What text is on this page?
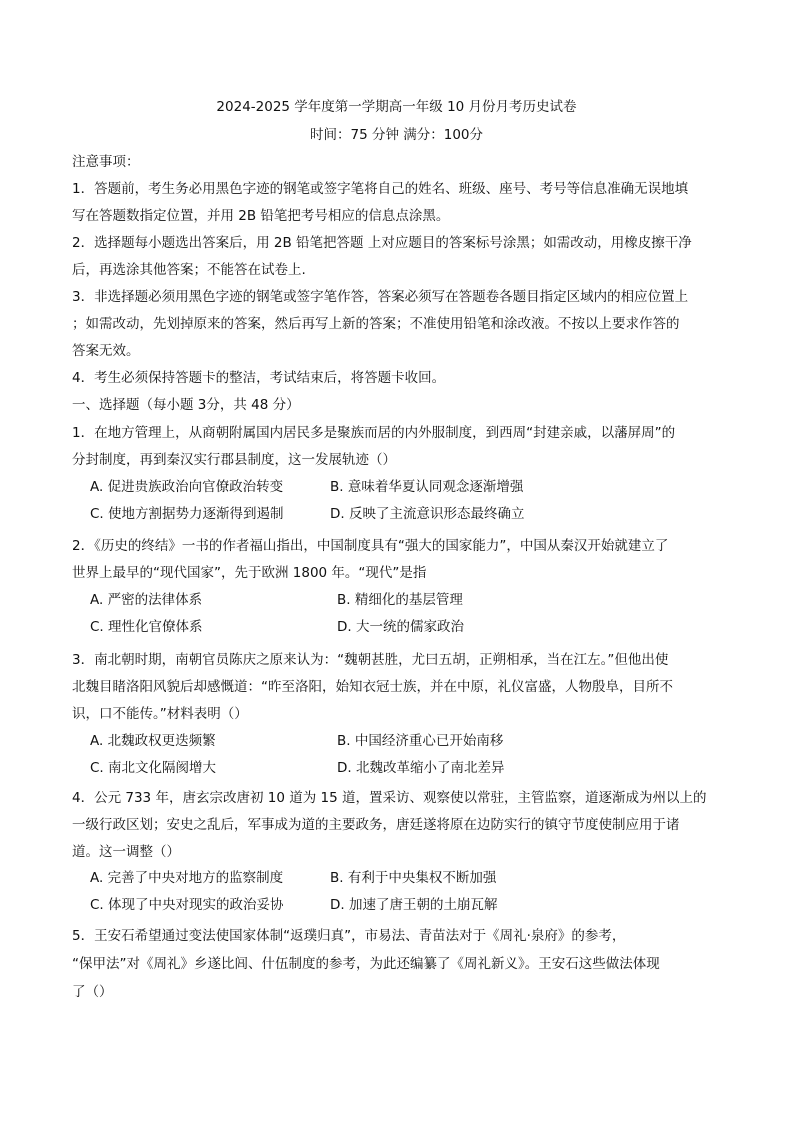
2024-2025 学年度第一学期高一年级 10 月份月考历史试卷
时间：75 分钟 满分：100分
注意事项：
1．答题前，考生务必用黑色字迹的钢笔或签字笔将自己的姓名、班级、座号、考号等信息准确无误地填
写在答题数指定位置，并用 2B 铅笔把考号相应的信息点涂黑。
2．选择题每小题选出答案后，用 2B 铅笔把答题 上对应题目的答案标号涂黑；如需改动，用橡皮擦干净
后，再选涂其他答案；不能答在试卷上.
3．非选择题必须用黑色字迹的钢笔或签字笔作答，答案必须写在答题卷各题目指定区域内的相应位置上
；如需改动，先划掉原来的答案，然后再写上新的答案；不准使用铅笔和涂改液。不按以上要求作答的
答案无效。
4．考生必须保持答题卡的整洁，考试结束后，将答题卡收回。
一、选择题（每小题 3分，共 48 分）
1．在地方管理上，从商朝附属国内居民多是聚族而居的内外服制度，到西周“封建亲戚，以藩屏周”的
分封制度，再到秦汉实行郡县制度，这一发展轨迹（）
A. 促进贵族政治向官僚政治转变	B. 意味着华夏认同观念逐渐增强
C. 使地方割据势力逐渐得到遏制	D. 反映了主流意识形态最终确立
2．《历史的终结》一书的作者福山指出，中国制度具有“强大的国家能力”，中国从秦汉开始就建立了
世界上最早的“现代国家”，先于欧洲 1800 年。“现代”是指
A. 严密的法律体系	B. 精细化的基层管理
C. 理性化官僚体系	D. 大一统的儒家政治
3．南北朝时期，南朝官员陈庆之原来认为：“魏朝甚胜，尤曰五胡，正朔相承，当在江左。”但他出使
北魏目睹洛阳风貌后却感慨道：“昨至洛阳，始知衣冠士族，并在中原，礼仪富盛，人物殷阜，目所不
识，口不能传。”材料表明（）
A. 北魏政权更迭频繁	B. 中国经济重心已开始南移
C. 南北文化隔阂增大	D. 北魏改革缩小了南北差异
4．公元 733 年，唐玄宗改唐初 10 道为 15 道，置采访、观察使以常驻，主管监察，道逐渐成为州以上的
一级行政区划；安史之乱后，军事成为道的主要政务，唐廷遂将原在边防实行的镇守节度使制应用于诸
道。这一调整（）
A. 完善了中央对地方的监察制度	B. 有利于中央集权不断加强
C. 体现了中央对现实的政治妥协	D. 加速了唐王朝的土崩瓦解
5．王安石希望通过变法使国家体制“返璞归真”，市易法、青苗法对于《周礼·泉府》的参考，
“保甲法”对《周礼》乡遂比闾、什伍制度的参考，为此还编纂了《周礼新义》。王安石这些做法体现
了（）
